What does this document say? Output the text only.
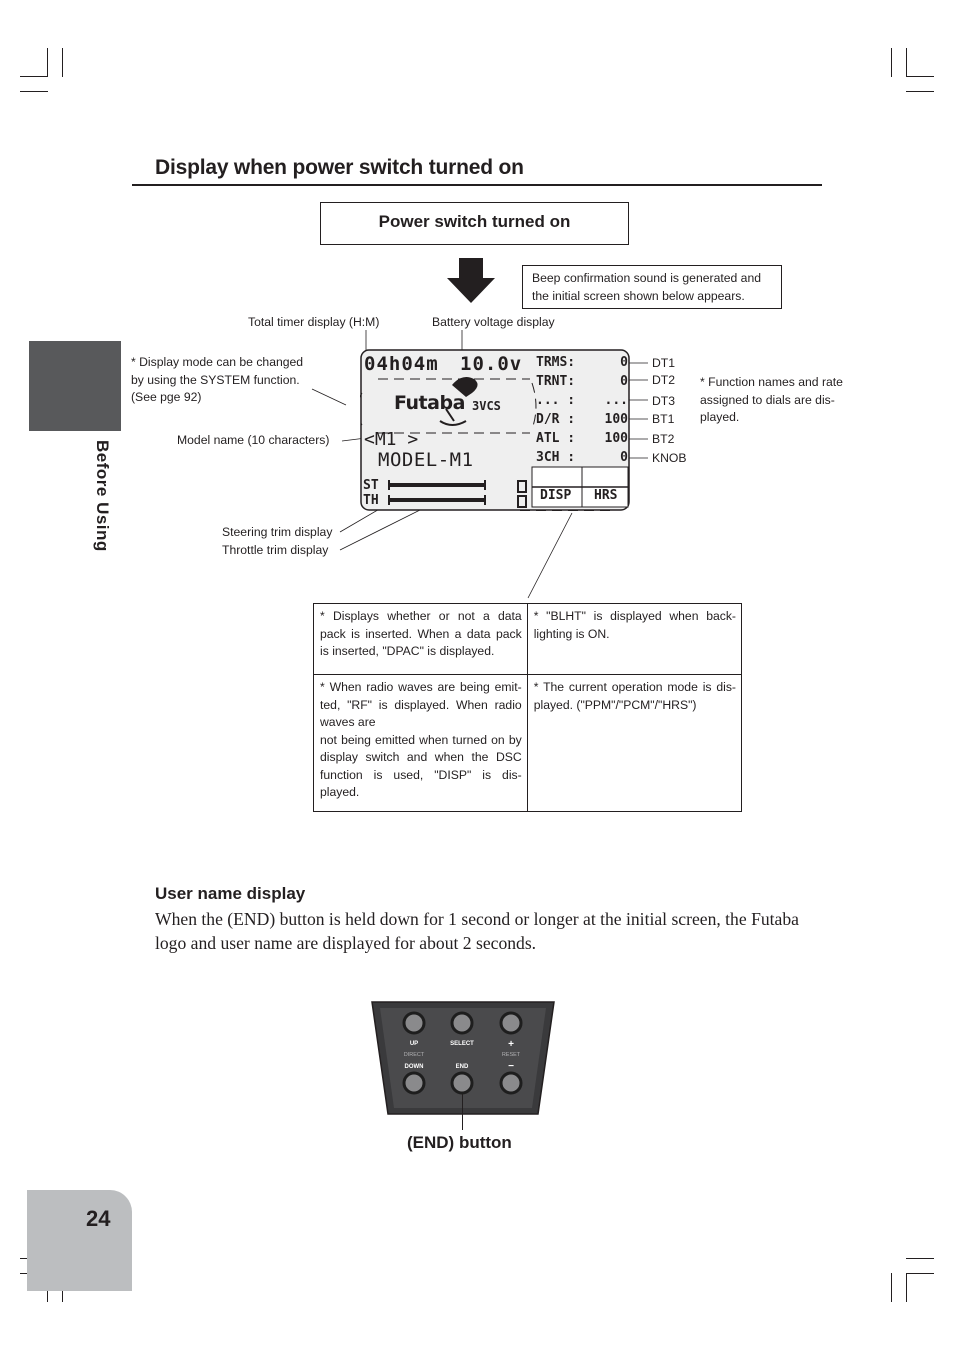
Before Using
Display when power switch turned on
Power switch turned on
Beep confirmation sound is generated and
the initial screen shown below appears.
Total timer display (H:M)	Battery voltage display
* Display mode can be changed
by using the SYSTEM function.
(See pge 92)
Model name (10 characters)
Steering trim display
Throttle trim display
DT1
DT2
DT3
BT1
BT2
KNOB
* Function names and rate
assigned to dials are dis-
played.
04h04m 10.0v
Futaba 3VCS
<M1 >
MODEL-M1
ST
TH
TRMS:	0
TRNT:	0
... : ...
D/R : 100
ATL : 100
3CH :	0
DISP HRS
* Displays whether or not a data pack is inserted. When a data pack is inserted, "DPAC" is displayed.	* "BLHT" is displayed when back-lighting is ON.

* When radio waves are being emit-ted, "RF" is displayed. When radio waves are
not being emitted when turned on by display switch and when the DSC function is used, "DISP" is dis-played.	* The current operation mode is dis-played. ("PPM"/"PCM"/"HRS")
User name display
When the (END) button is held down for 1 second or longer at the initial screen, the Futaba logo and user name are displayed for about 2 seconds.
UP	SELECT	+
DOWN	END	−
DIRECT	RESET
(END) button
24
